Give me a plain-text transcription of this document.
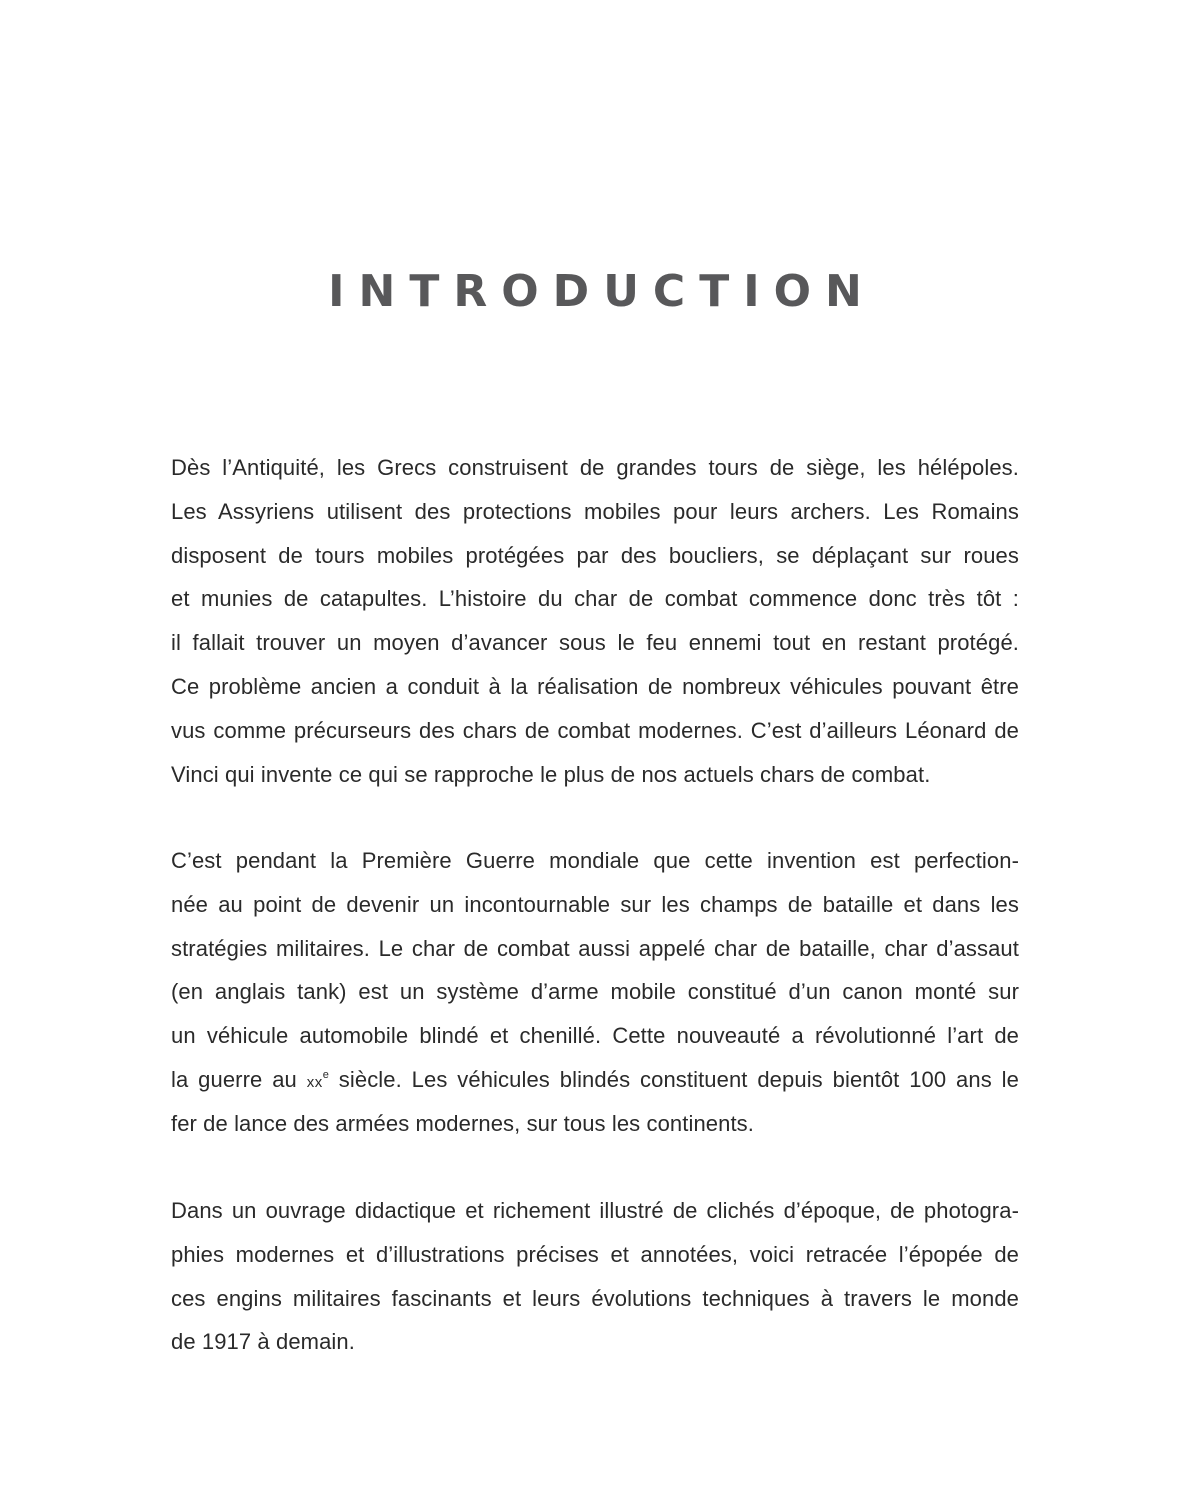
INTRODUCTION
Dès l’Antiquité, les Grecs construisent de grandes tours de siège, les hélépoles.
Les Assyriens utilisent des protections mobiles pour leurs archers. Les Romains
disposent de tours mobiles protégées par des boucliers, se déplaçant sur roues
et munies de catapultes. L’histoire du char de combat commence donc très tôt :
il fallait trouver un moyen d’avancer sous le feu ennemi tout en restant protégé.
Ce problème ancien a conduit à la réalisation de nombreux véhicules pouvant être
vus comme précurseurs des chars de combat modernes. C’est d’ailleurs Léonard de
Vinci qui invente ce qui se rapproche le plus de nos actuels chars de combat.
C’est pendant la Première Guerre mondiale que cette invention est perfection-
née au point de devenir un incontournable sur les champs de bataille et dans les
stratégies militaires. Le char de combat aussi appelé char de bataille, char d’assaut
(en anglais tank) est un système d’arme mobile constitué d’un canon monté sur
un véhicule automobile blindé et chenillé. Cette nouveauté a révolutionné l’art de
la guerre au $xx^e$ siècle. Les véhicules blindés constituent depuis bientôt 100 ans le
fer de lance des armées modernes, sur tous les continents.
Dans un ouvrage didactique et richement illustré de clichés d’époque, de photogra-
phies modernes et d’illustrations précises et annotées, voici retracée l’épopée de
ces engins militaires fascinants et leurs évolutions techniques à travers le monde
de 1917 à demain.
